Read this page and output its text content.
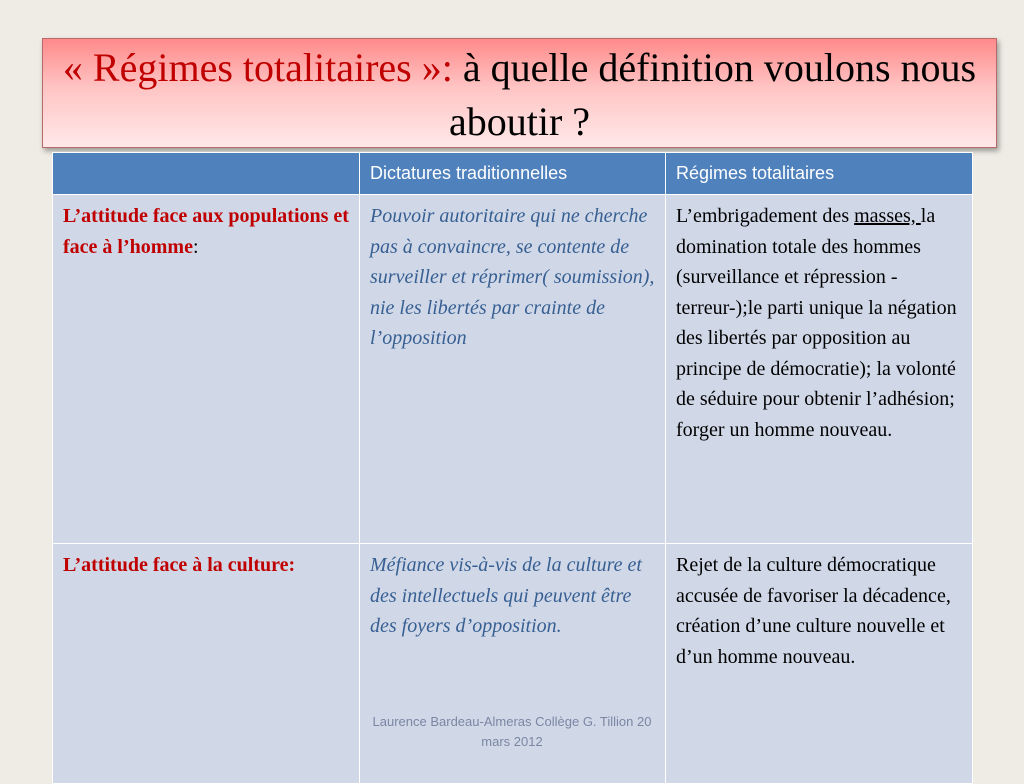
« Régimes totalitaires »: à quelle définition voulons nous aboutir ?

	Dictatures traditionnelles	Régimes totalitaires
L’attitude face aux populations et face à l’homme:	Pouvoir autoritaire qui ne cherche pas à convaincre, se contente de surveiller et réprimer( soumission), nie les libertés par crainte de l’opposition	L’embrigadement des masses, la domination totale des hommes (surveillance et répression - terreur-);le parti unique la négation des libertés par opposition au principe de démocratie); la volonté de séduire pour obtenir l’adhésion; forger un homme nouveau.
L’attitude face à la culture:	Méfiance vis-à-vis de la culture et des intellectuels qui peuvent être des foyers d’opposition.	Rejet de la culture démocratique accusée de favoriser la décadence, création d’une culture nouvelle et d’un homme nouveau.
Laurence Bardeau-Almeras Collège G. Tillion 20 mars 2012
